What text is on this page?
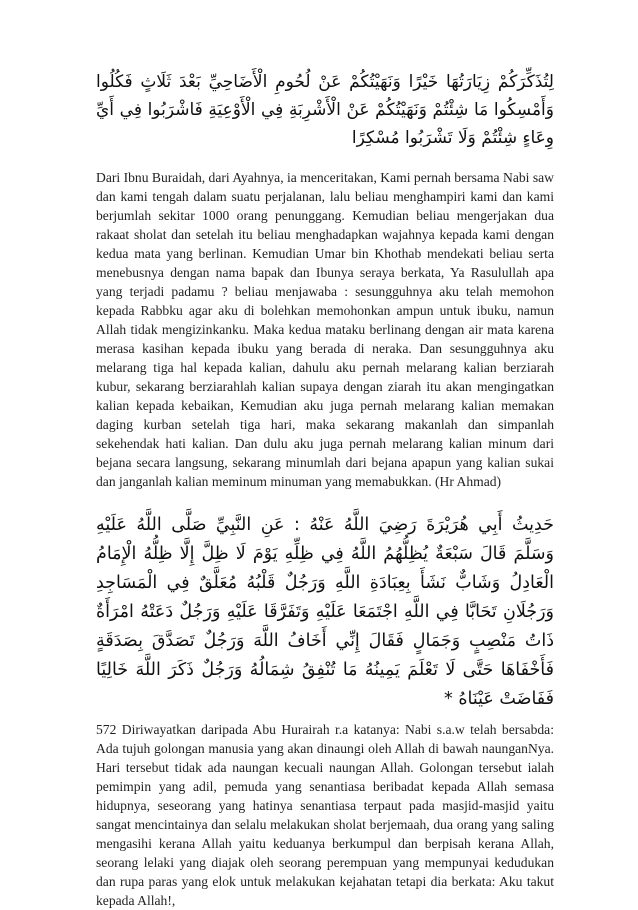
لِتُذَكِّرَكُمْ زِيَارَتُهَا خَيْرًا وَنَهَيْتُكُمْ عَنْ لُحُومِ الْأَضَاحِيِّ بَعْدَ ثَلَاثٍ فَكُلُوا وَأَمْسِكُوا مَا شِئْتُمْ وَنَهَيْتُكُمْ عَنْ الْأَشْرِبَةِ فِي الْأَوْعِيَةِ فَاشْرَبُوا فِي أَيِّ وِعَاءٍ شِئْتُمْ وَلَا تَشْرَبُوا مُسْكِرًا

Dari Ibnu Buraidah, dari Ayahnya, ia menceritakan, Kami pernah bersama Nabi saw dan kami tengah dalam suatu perjalanan, lalu beliau menghampiri kami dan kami berjumlah sekitar 1000 orang penunggang. Kemudian beliau mengerjakan dua rakaat sholat dan setelah itu beliau menghadapkan wajahnya kepada kami dengan kedua mata yang berlinan. Kemudian Umar bin Khothab mendekati beliau serta menebusnya dengan nama bapak dan Ibunya seraya berkata, Ya Rasulullah apa yang terjadi padamu ? beliau menjawaba : sesungguhnya aku telah memohon kepada Rabbku agar aku di bolehkan memohonkan ampun untuk ibuku, namun Allah tidak mengizinkanku. Maka kedua mataku berlinang dengan air mata karena merasa kasihan kepada ibuku yang berada di neraka. Dan sesungguhnya aku melarang tiga hal kepada kalian, dahulu aku pernah melarang kalian berziarah kubur, sekarang berziarahlah kalian supaya dengan ziarah itu akan mengingatkan kalian kepada kebaikan, Kemudian aku juga pernah melarang kalian memakan daging kurban setelah tiga hari, maka sekarang makanlah dan simpanlah sekehendak hati kalian. Dan dulu aku juga pernah melarang kalian minum dari bejana secara langsung, sekarang minumlah dari bejana apapun yang kalian sukai dan janganlah kalian meminum minuman yang memabukkan. (Hr Ahmad)

حَدِيثُ أَبِي هُرَيْرَةَ رَضِيَ اللَّهُ عَنْهُ : عَنِ النَّبِيِّ صَلَّى اللَّهُ عَلَيْهِ وَسَلَّمَ قَالَ سَبْعَةٌ يُظِلُّهُمُ اللَّهُ فِي ظِلِّهِ يَوْمَ لَا ظِلَّ إِلَّا ظِلُّهُ الْإِمَامُ الْعَادِلُ وَشَابٌّ نَشَأَ بِعِبَادَةِ اللَّهِ وَرَجُلٌ قَلْبُهُ مُعَلَّقٌ فِي الْمَسَاجِدِ وَرَجُلَانِ تَحَابَّا فِي اللَّهِ اجْتَمَعَا عَلَيْهِ وَتَفَرَّقَا عَلَيْهِ وَرَجُلٌ دَعَتْهُ امْرَأَةٌ ذَاتُ مَنْصِبٍ وَجَمَالٍ فَقَالَ إِنِّي أَخَافُ اللَّهَ وَرَجُلٌ تَصَدَّقَ بِصَدَقَةٍ فَأَخْفَاهَا حَتَّى لَا تَعْلَمَ يَمِينُهُ مَا تُنْفِقُ شِمَالُهُ وَرَجُلٌ ذَكَرَ اللَّهَ خَالِيًا فَفَاضَتْ عَيْنَاهُ *

572 Diriwayatkan daripada Abu Hurairah r.a katanya: Nabi s.a.w telah bersabda: Ada tujuh golongan manusia yang akan dinaungi oleh Allah di bawah naunganNya. Hari tersebut tidak ada naungan kecuali naungan Allah. Golongan tersebut ialah pemimpin yang adil, pemuda yang senantiasa beribadat kepada Allah semasa hidupnya, seseorang yang hatinya senantiasa terpaut pada masjid-masjid yaitu sangat mencintainya dan selalu melakukan sholat berjemaah, dua orang yang saling mengasihi kerana Allah yaitu keduanya berkumpul dan berpisah kerana Allah, seorang lelaki yang diajak oleh seorang perempuan yang mempunyai kedudukan dan rupa paras yang elok untuk melakukan kejahatan tetapi dia berkata: Aku takut kepada Allah!,
